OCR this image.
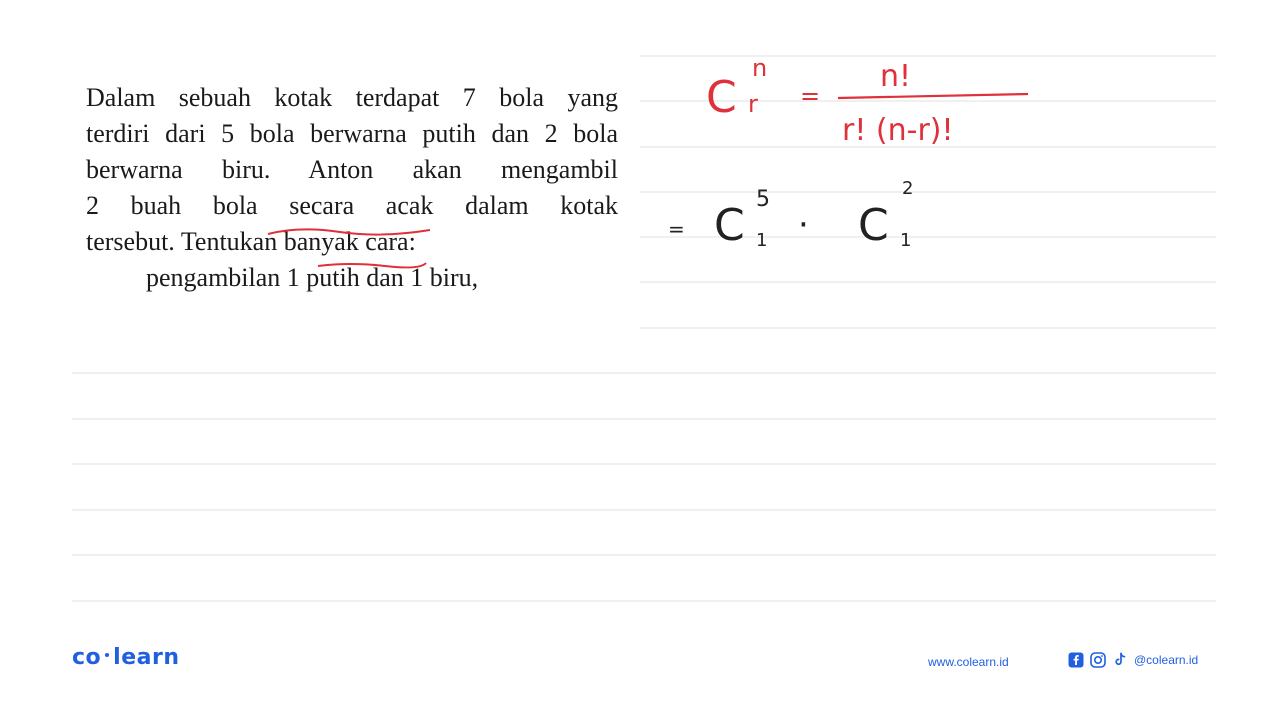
Dalam sebuah kotak terdapat 7 bola yang
terdiri dari 5 bola berwarna putih dan 2 bola
berwarna biru. Anton akan mengambil
2 buah bola secara acak dalam kotak
tersebut. Tentukan banyak cara:
pengambilan 1 putih dan 1 biru,
C
n
r =
n!
r! (n-r)!
= C
5
1 · C
2
1
co learn	www.colearn.id	@colearn.id
